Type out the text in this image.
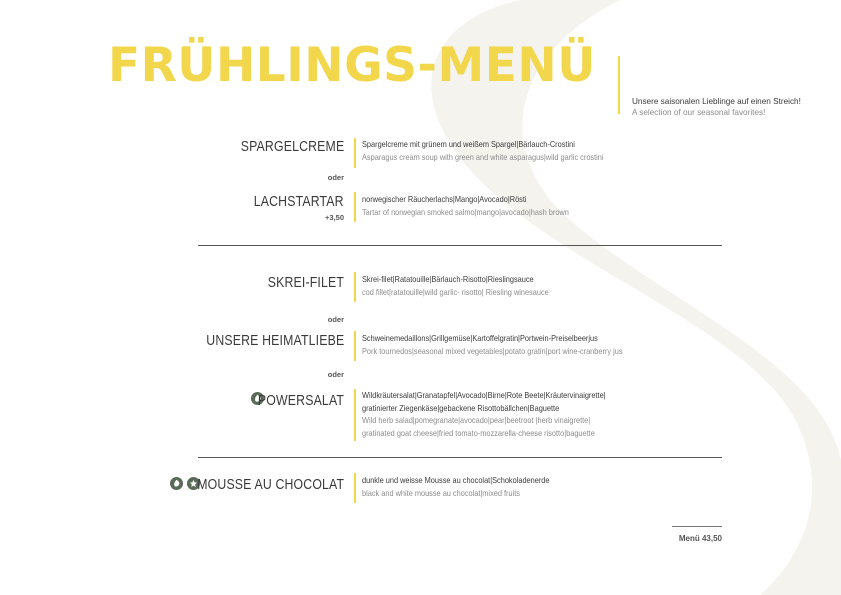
FRÜHLINGS-MENÜ
Unsere saisonalen Lieblinge auf einen Streich!
A selection of our seasonal favorites!
SPARGELCREME Spargelcreme mit grünem und weißem Spargel|Bärlauch-Crostini
Asparagus cream soup with green and white asparagus|wild garlic crostini
oder
LACHSTARTAR
+3,50
norwegischer Räucherlachs|Mango|Avocado|Rösti
Tartar of norwegian smoked salmo|mango|avocado|hash brown
SKREI-FILET Skrei-filet|Ratatouille|Bärlauch-Risotto|Rieslingsauce
cod fillet|ratatouille|wild garlic- risotto| Riesling winesauce
oder
UNSERE HEIMATLIEBE Schweinemedaillons|Grillgemüse|Kartoffelgratin|Portwein-Preiselbeerjus
Pork tournedos|seasonal mixed vegetables|potato gratin|port wine-cranberry jus
oder
POWERSALAT Wildkräutersalat|Granatapfel|Avocado|Birne|Rote Beete|Kräutervinaigrette|
gratinierter Ziegenkäse|gebackene Risottobällchen|Baguette
Wild herb salad|pomegranate|avocado|pear|beetroot |herb vinaigrette|
gratinated goat cheese|fried tomato-mozzarella-cheese risotto|baguette
MOUSSE AU CHOCOLAT dunkle und weisse Mousse au chocolat|Schokoladenerde
black and white mousse au chocolat|mixed fruits
Menü 43,50
